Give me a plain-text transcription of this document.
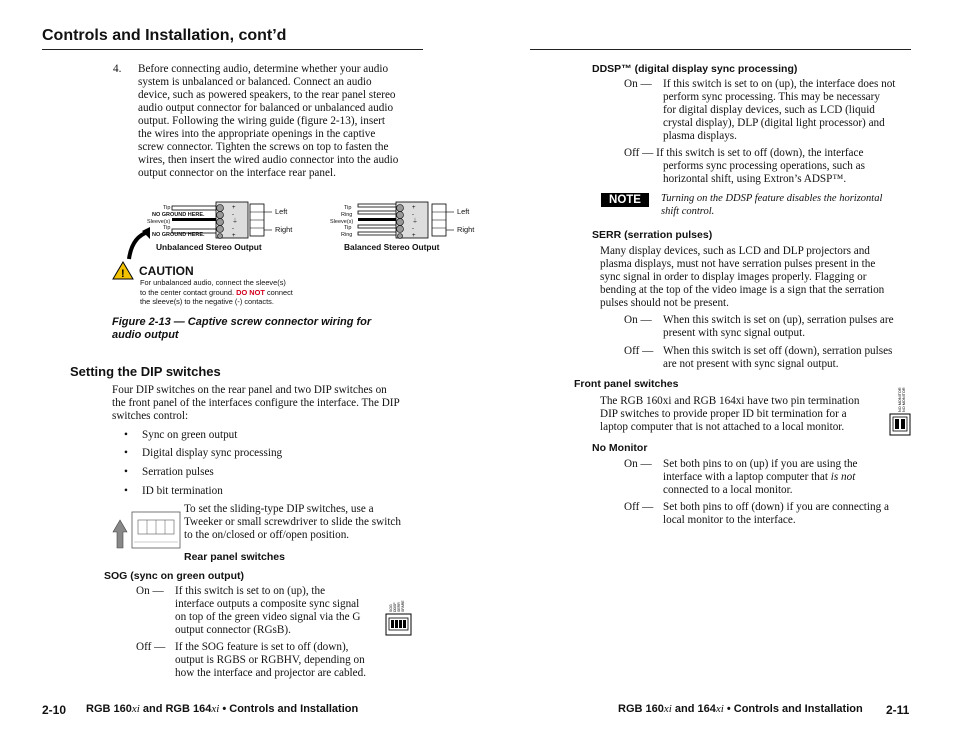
Controls and Installation, cont’d
4. Before connecting audio, determine whether your audio
system is unbalanced or balanced. Connect an audio
device, such as powered speakers, to the rear panel stereo
audio output connector for balanced or unbalanced audio
output. Following the wiring guide (figure 2-13), insert
the wires into the appropriate openings in the captive
screw connector. Tighten the screws on top to fasten the
wires, then insert the wired audio connector into the audio
output connector on the interface rear panel.
+
-
⏚
-
+
+
-
⏚
-
+
Tip
NO GROUND HERE.
Sleeve(s)
Tip
NO GROUND HERE.
Left
Right
Unbalanced Stereo Output
Tip
Ring
Sleeve(s)
Tip
Ring
Left
Right
Balanced Stereo Output
! CAUTION
For unbalanced audio, connect the sleeve(s)
to the center contact ground. DO NOT connect
the sleeve(s) to the negative (-) contacts.
Figure 2-13 — Captive screw connector wiring for
audio output
Setting the DIP switches
Four DIP switches on the rear panel and two DIP switches on
the front panel of the interfaces configure the interface. The DIP
switches control:
• Sync on green output
• Digital display sync processing
• Serration pulses
• ID bit termination
To set the sliding-type DIP switches, use a
Tweeker or small screwdriver to slide the switch
to the on/closed or off/open position.
Rear panel switches
SOG (sync on green output)
On — If this switch is set to on (up), the
interface outputs a composite sync signal
on top of the green video signal via the G
output connector (RGsB).
SOG DDSP SERR SPARE
Off — If the SOG feature is set to off (down),
output is RGBS or RGBHV, depending on
how the interface and projector are cabled.
2-10 RGB 160xi and RGB 164xi • Controls and Installation
DDSP™ (digital display sync processing)
On — If this switch is set to on (up), the interface does not
perform sync processing. This may be necessary
for digital display devices, such as LCD (liquid
crystal display), DLP (digital light processor) and
plasma displays.
Off — If this switch is set to off (down), the interface
performs sync processing operations, such as
horizontal shift, using Extron’s ADSP™.
NOTE	Turning on the DDSP feature disables the horizontal
shift control.
SERR (serration pulses)
Many display devices, such as LCD and DLP projectors and
plasma displays, must not have serration pulses present in the
sync signal in order to display images properly. Flagging or
bending at the top of the video image is a sign that the serration
pulses should not be present.
On — When this switch is set on (up), serration pulses are
present with sync signal output.
Off — When this switch is set off (down), serration pulses
are not present with sync signal output.
Front panel switches
The RGB 160xi and RGB 164xi have two pin termination
DIP switches to provide proper ID bit termination for a
laptop computer that is not attached to a local monitor.
NO MONITOR NO MONITOR
No Monitor
On — Set both pins to on (up) if you are using the
interface with a laptop computer that is not
connected to a local monitor.
Off — Set both pins to off (down) if you are connecting a
local monitor to the interface.
RGB 160xi and 164xi • Controls and Installation 2-11
